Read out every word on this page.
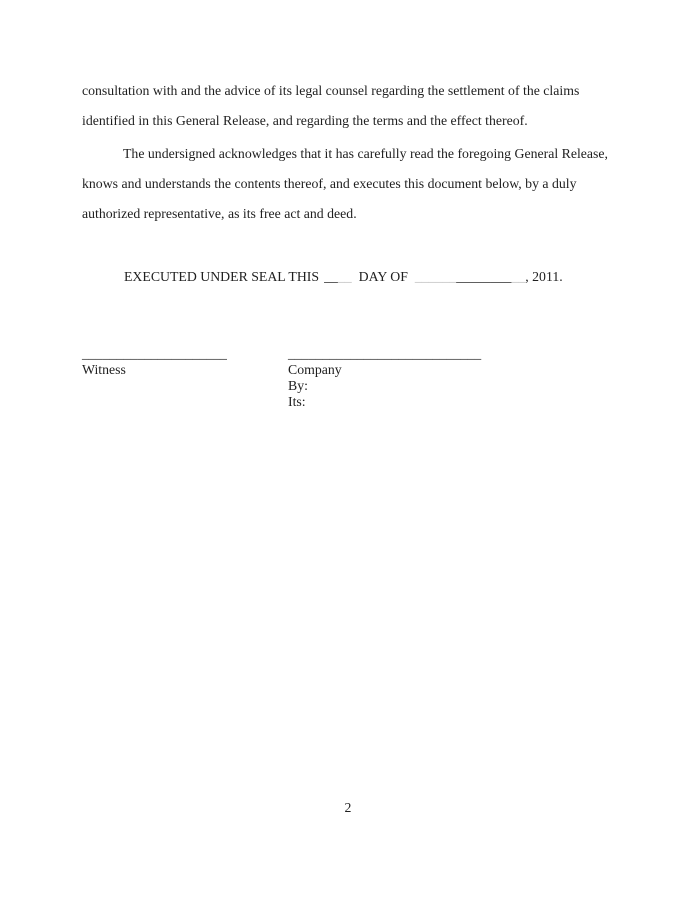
consultation with and the advice of its legal counsel regarding the settlement of the claims
identified in this General Release, and regarding the terms and the effect thereof.
The undersigned acknowledges that it has carefully read the foregoing General Release,
knows and understands the contents thereof, and executes this document below, by a duly
authorized representative, as its free act and deed.
EXECUTED UNDER SEAL THIS ____ DAY OF ________________, 2011.
_____________________
Witness
____________________________
Company
By:
Its:
2
